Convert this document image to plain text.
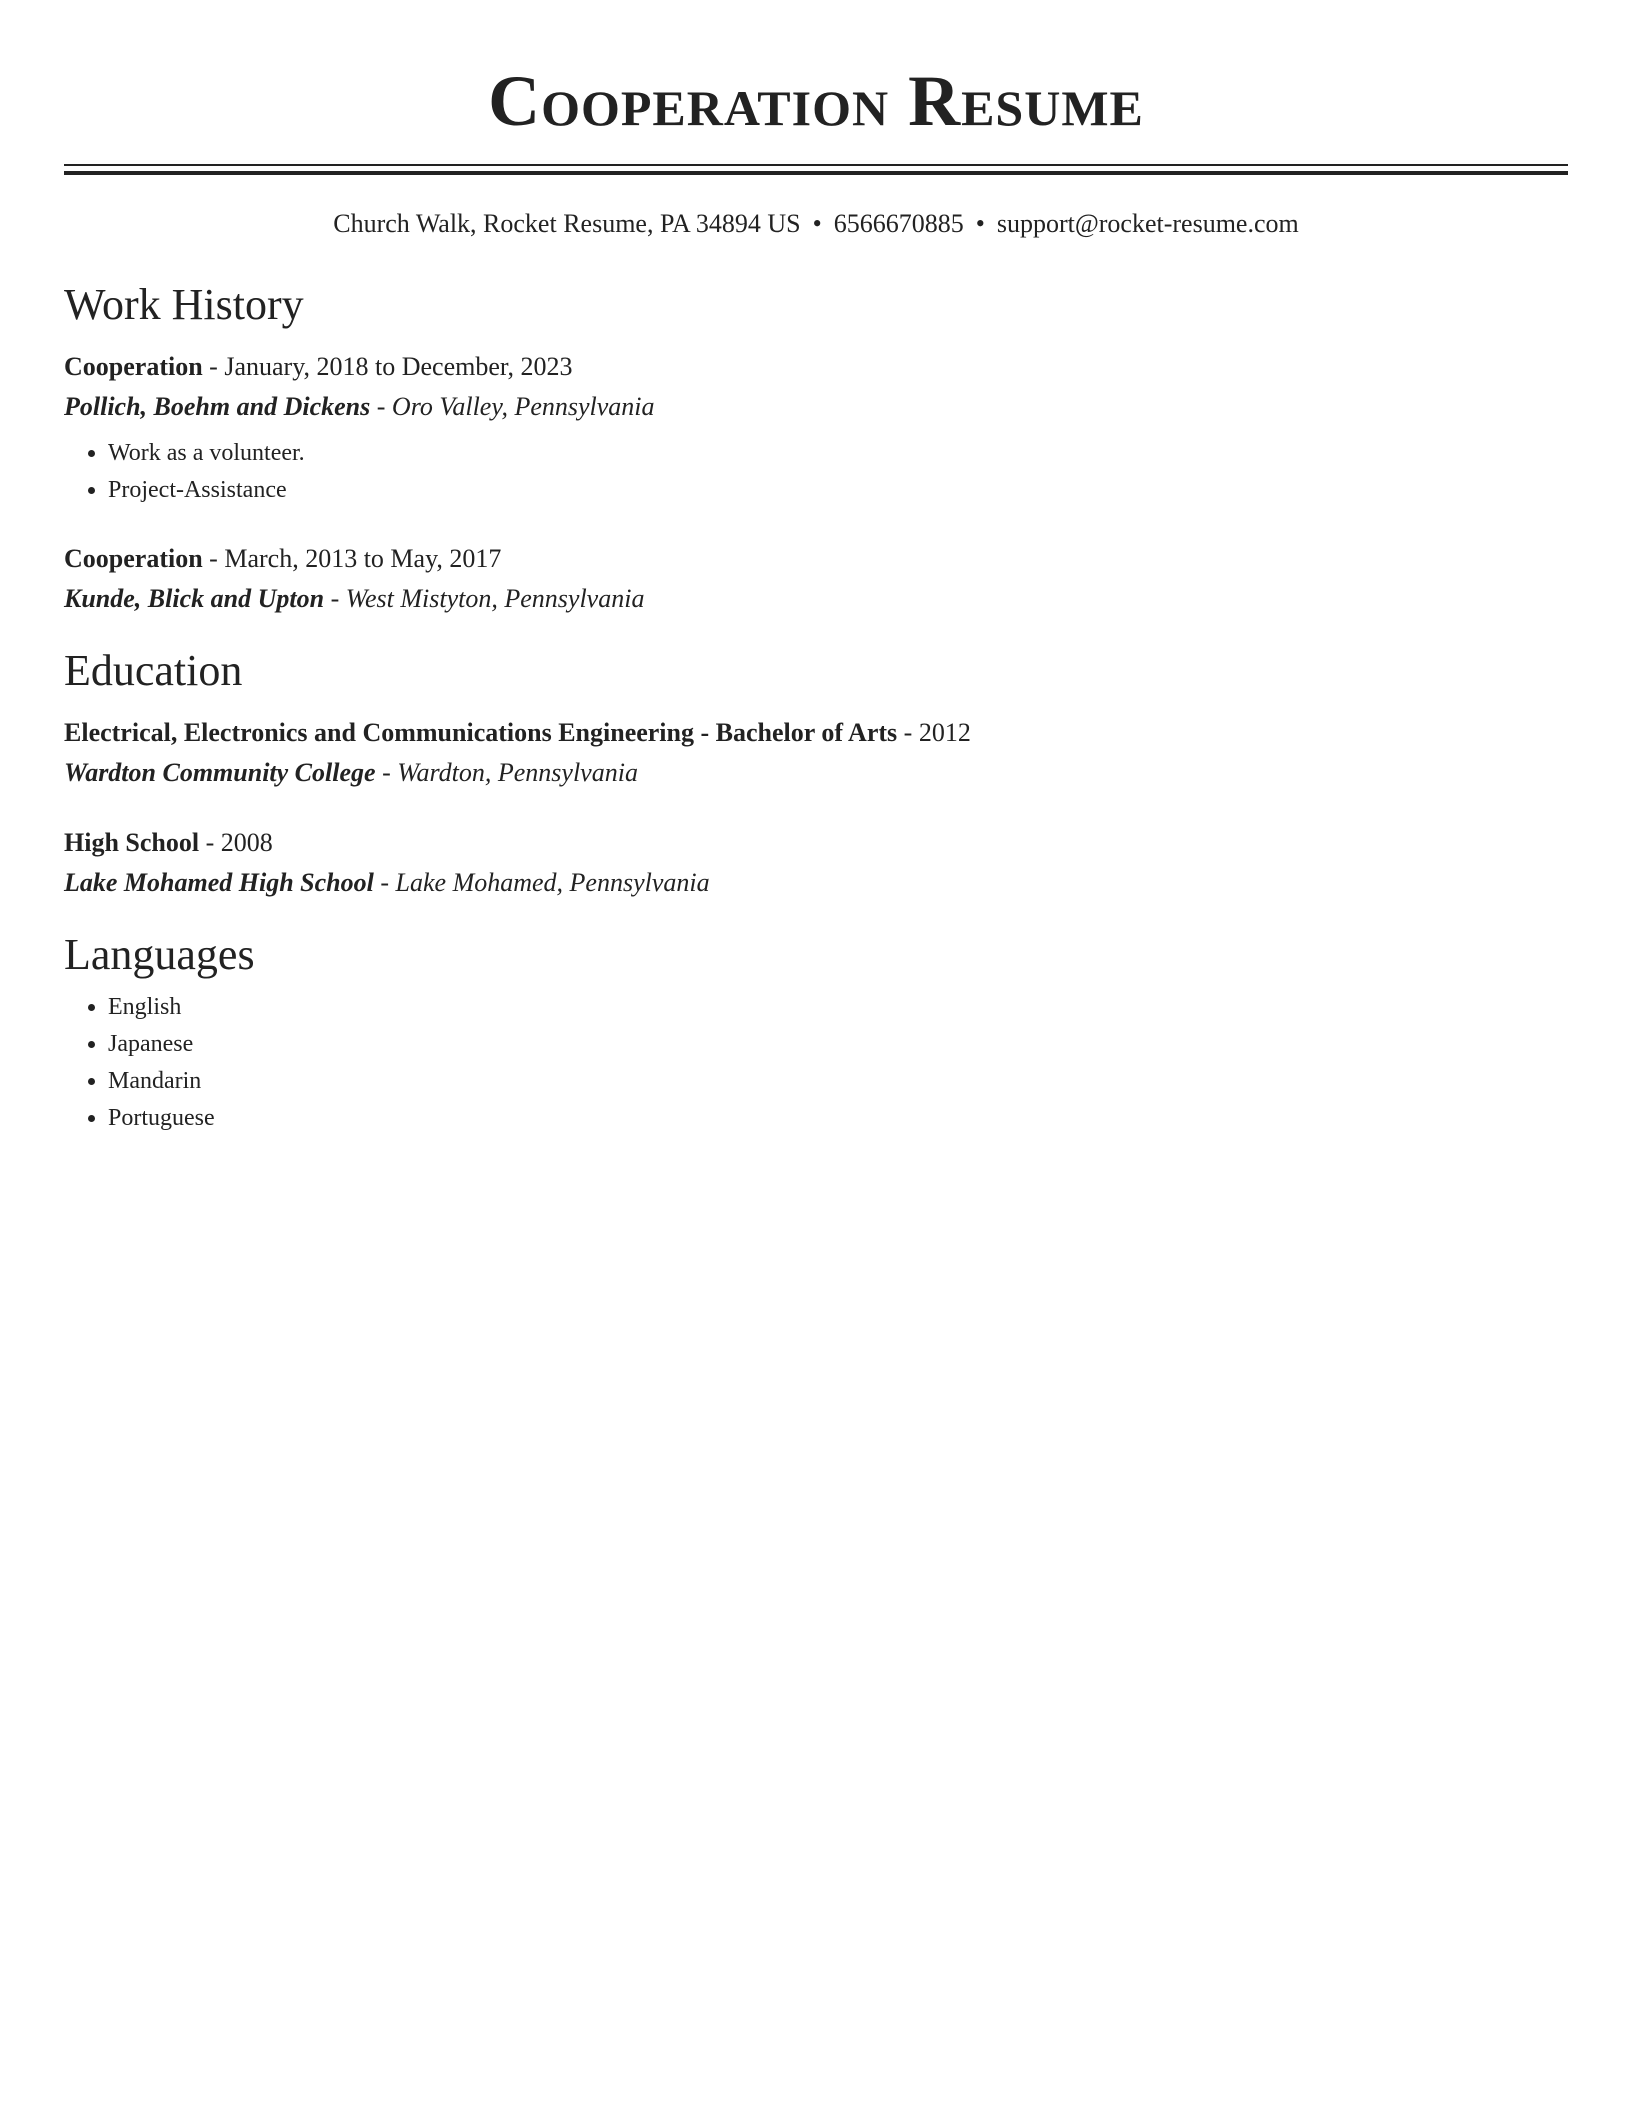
Cooperation Resume
Church Walk, Rocket Resume, PA 34894 US • 6566670885 • support@rocket-resume.com
Work History
Cooperation - January, 2018 to December, 2023
Pollich, Boehm and Dickens - Oro Valley, Pennsylvania
• Work as a volunteer.
• Project-Assistance
Cooperation - March, 2013 to May, 2017
Kunde, Blick and Upton - West Mistyton, Pennsylvania
Education
Electrical, Electronics and Communications Engineering - Bachelor of Arts - 2012
Wardton Community College - Wardton, Pennsylvania
High School - 2008
Lake Mohamed High School - Lake Mohamed, Pennsylvania
Languages
• English
• Japanese
• Mandarin
• Portuguese
